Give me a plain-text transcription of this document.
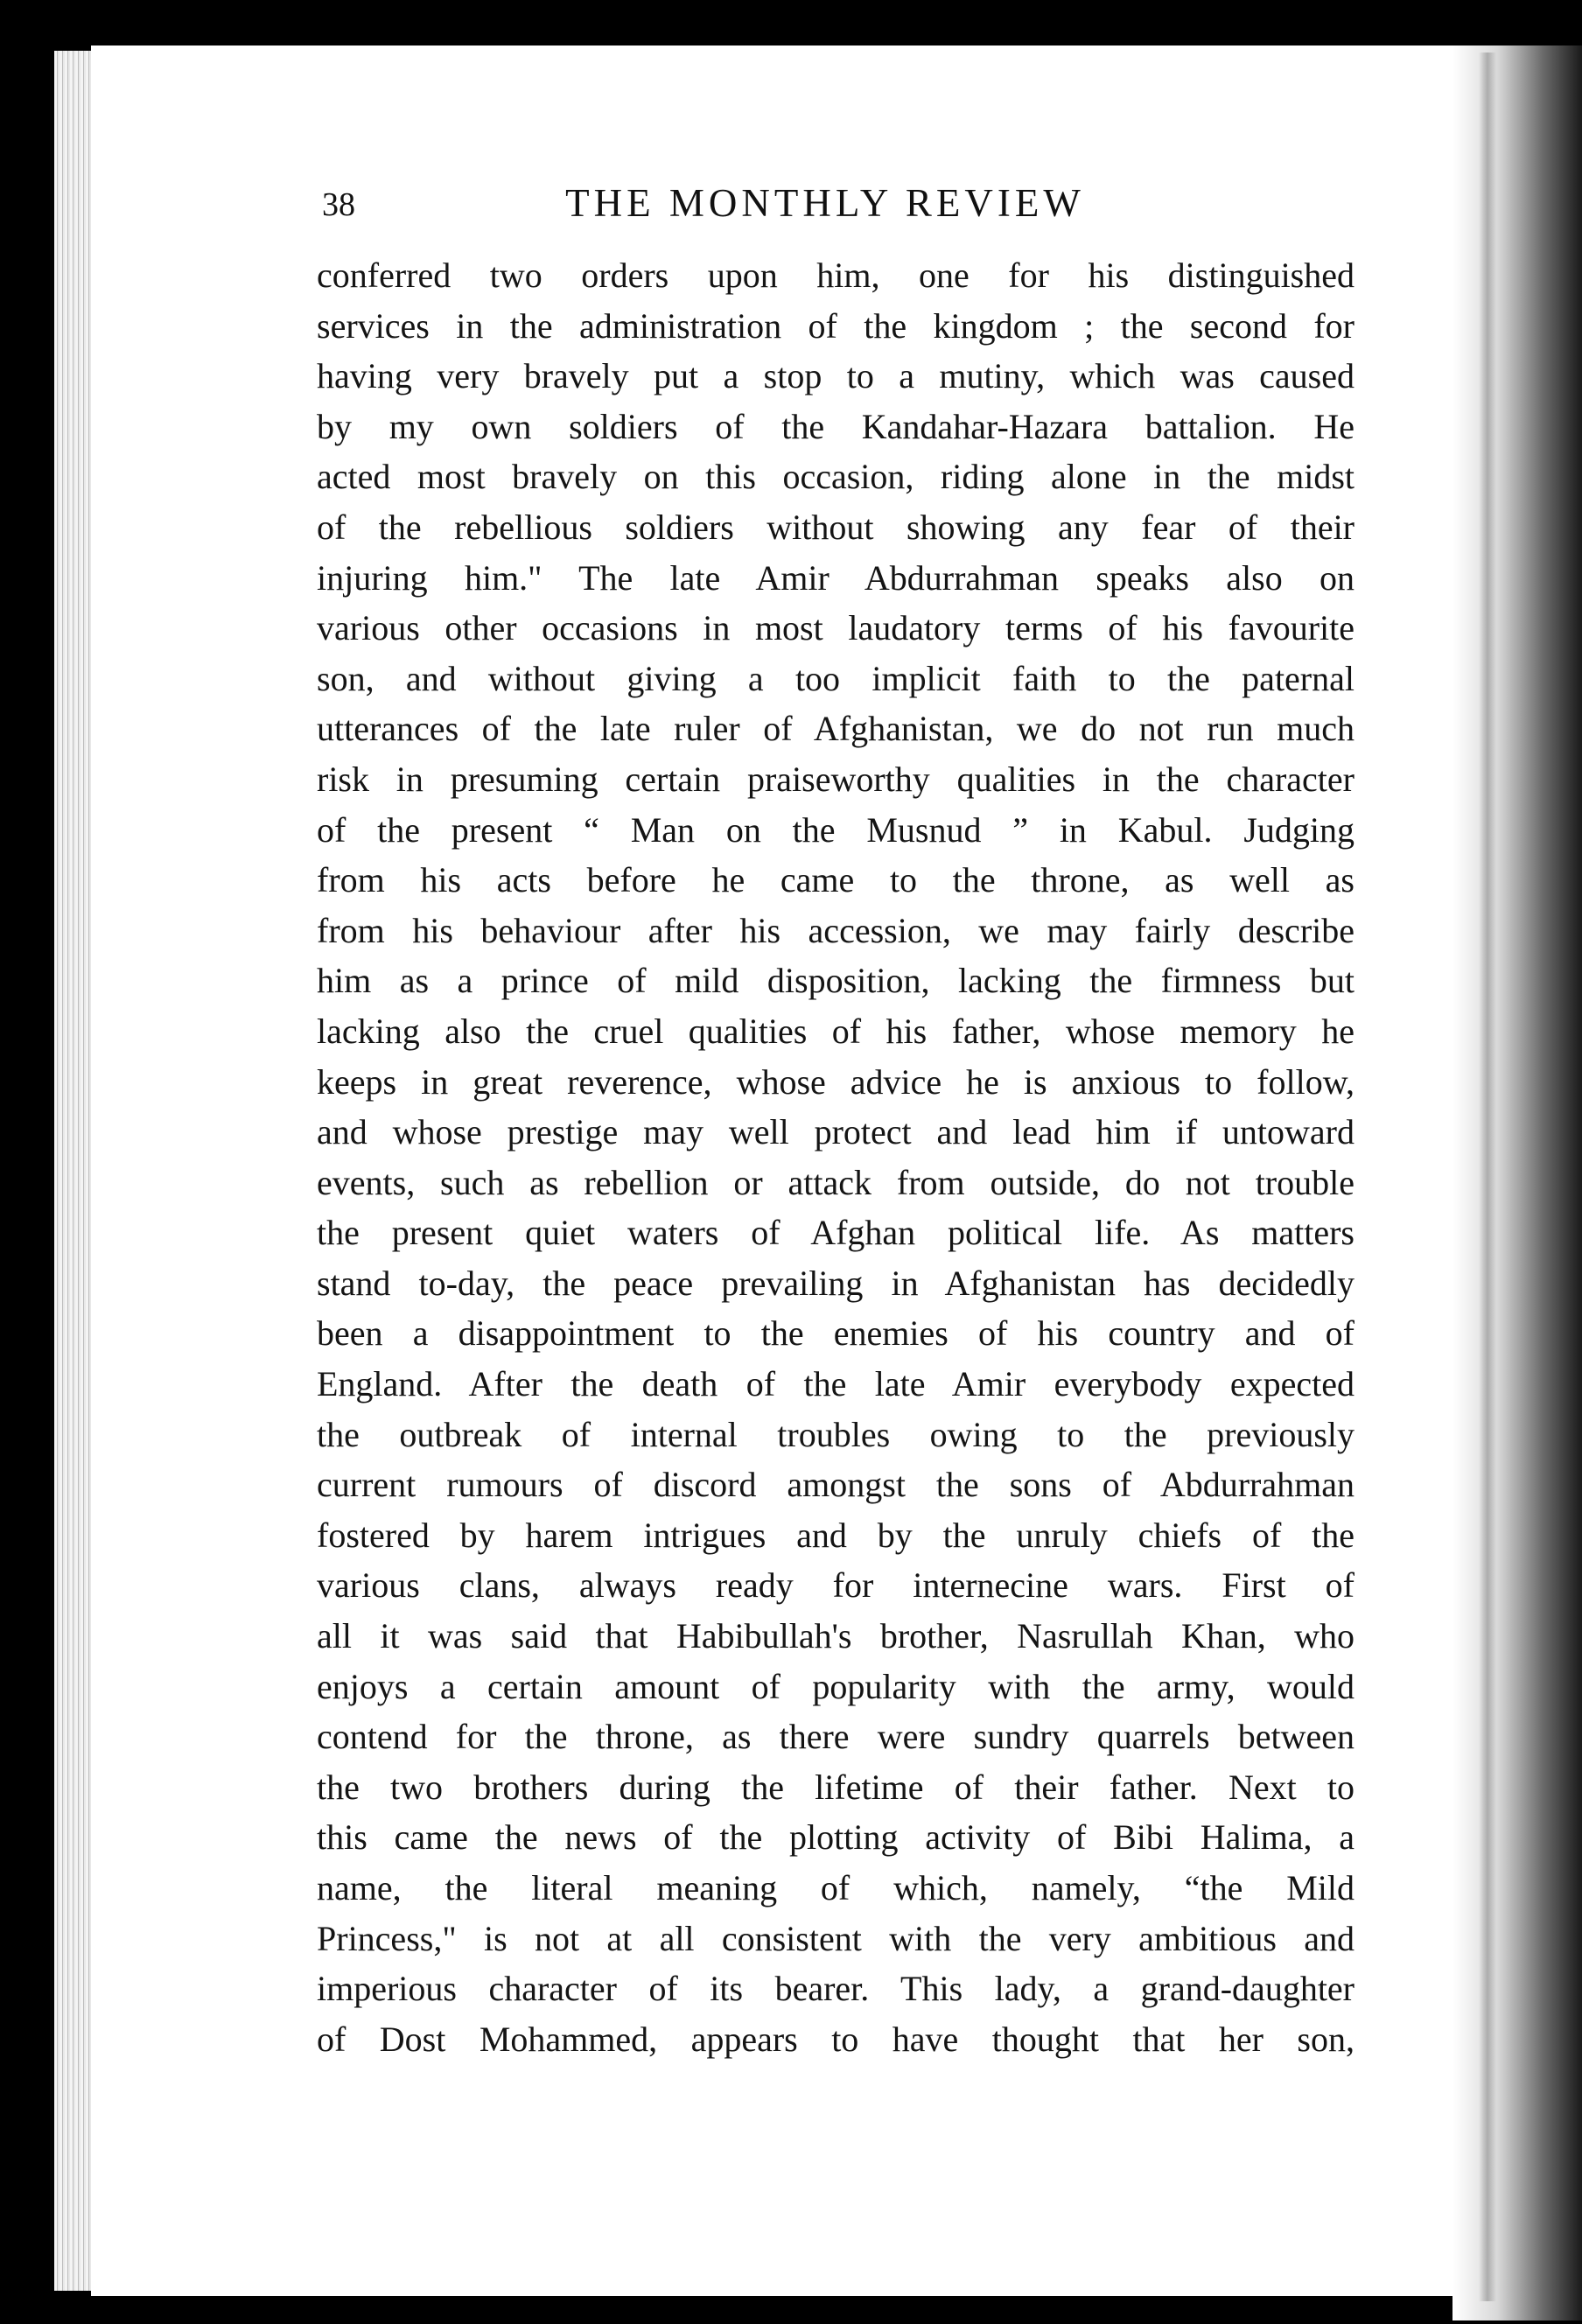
38	THE MONTHLY REVIEW
conferred two orders upon him, one for his distinguished
services in the administration of the kingdom ; the second for
having very bravely put a stop to a mutiny, which was caused
by my own soldiers of the Kandahar-Hazara battalion. He
acted most bravely on this occasion, riding alone in the midst
of the rebellious soldiers without showing any fear of their
injuring him." The late Amir Abdurrahman speaks also on
various other occasions in most laudatory terms of his favourite
son, and without giving a too implicit faith to the paternal
utterances of the late ruler of Afghanistan, we do not run much
risk in presuming certain praiseworthy qualities in the character
of the present “ Man on the Musnud ” in Kabul. Judging
from his acts before he came to the throne, as well as
from his behaviour after his accession, we may fairly describe
him as a prince of mild disposition, lacking the firmness but
lacking also the cruel qualities of his father, whose memory he
keeps in great reverence, whose advice he is anxious to follow,
and whose prestige may well protect and lead him if untoward
events, such as rebellion or attack from outside, do not trouble
the present quiet waters of Afghan political life. As matters
stand to-day, the peace prevailing in Afghanistan has decidedly
been a disappointment to the enemies of his country and of
England. After the death of the late Amir everybody expected
the outbreak of internal troubles owing to the previously
current rumours of discord amongst the sons of Abdurrahman
fostered by harem intrigues and by the unruly chiefs of the
various clans, always ready for internecine wars. First of
all it was said that Habibullah's brother, Nasrullah Khan, who
enjoys a certain amount of popularity with the army, would
contend for the throne, as there were sundry quarrels between
the two brothers during the lifetime of their father. Next to
this came the news of the plotting activity of Bibi Halima, a
name, the literal meaning of which, namely, “the Mild
Princess," is not at all consistent with the very ambitious and
imperious character of its bearer. This lady, a grand-daughter
of Dost Mohammed, appears to have thought that her son,
